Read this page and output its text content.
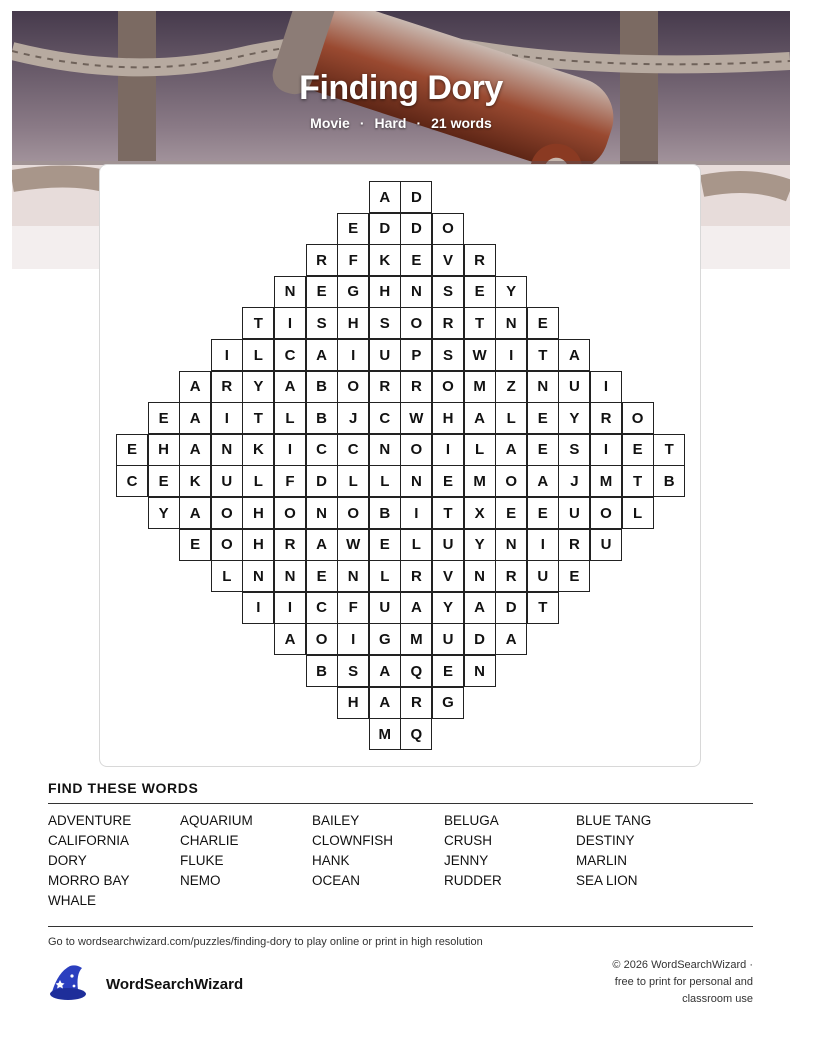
Finding Dory
Movie · Hard · 21 words
A	D
E	D	D	O
R	F	K	E	V	R
N	E	G	H	N	S	E	Y
T	I	S	H	S	O	R	T	N	E
I	L	C	A	I	U	P	S	W	I	T	A
A	R	Y	A	B	O	R	R	O	M	Z	N	U	I
E	A	I	T	L	B	J	C	W	H	A	L	E	Y	R	O
E	H	A	N	K	I	C	C	N	O	I	L	A	E	S	I	E	T
C	E	K	U	L	F	D	L	L	N	E	M	O	A	J	M	T	B
Y	A	O	H	O	N	O	B	I	T	X	E	E	U	O	L
E	O	H	R	A	W	E	L	U	Y	N	I	R	U
L	N	N	E	N	L	R	V	N	R	U	E
I	I	C	F	U	A	Y	A	D	T
A	O	I	G	M	U	D	A
B	S	A	Q	E	N
H	A	R	G
M	Q
FIND THESE WORDS
ADVENTURE	AQUARIUM	BAILEY	BELUGA	BLUE TANG
CALIFORNIA	CHARLIE	CLOWNFISH	CRUSH	DESTINY
DORY	FLUKE	HANK	JENNY	MARLIN
MORRO BAY	NEMO	OCEAN	RUDDER	SEA LION
WHALE
Go to wordsearchwizard.com/puzzles/finding-dory to play online or print in high resolution
WordSearchWizard
© 2026 WordSearchWizard · free to print for personal and classroom use
